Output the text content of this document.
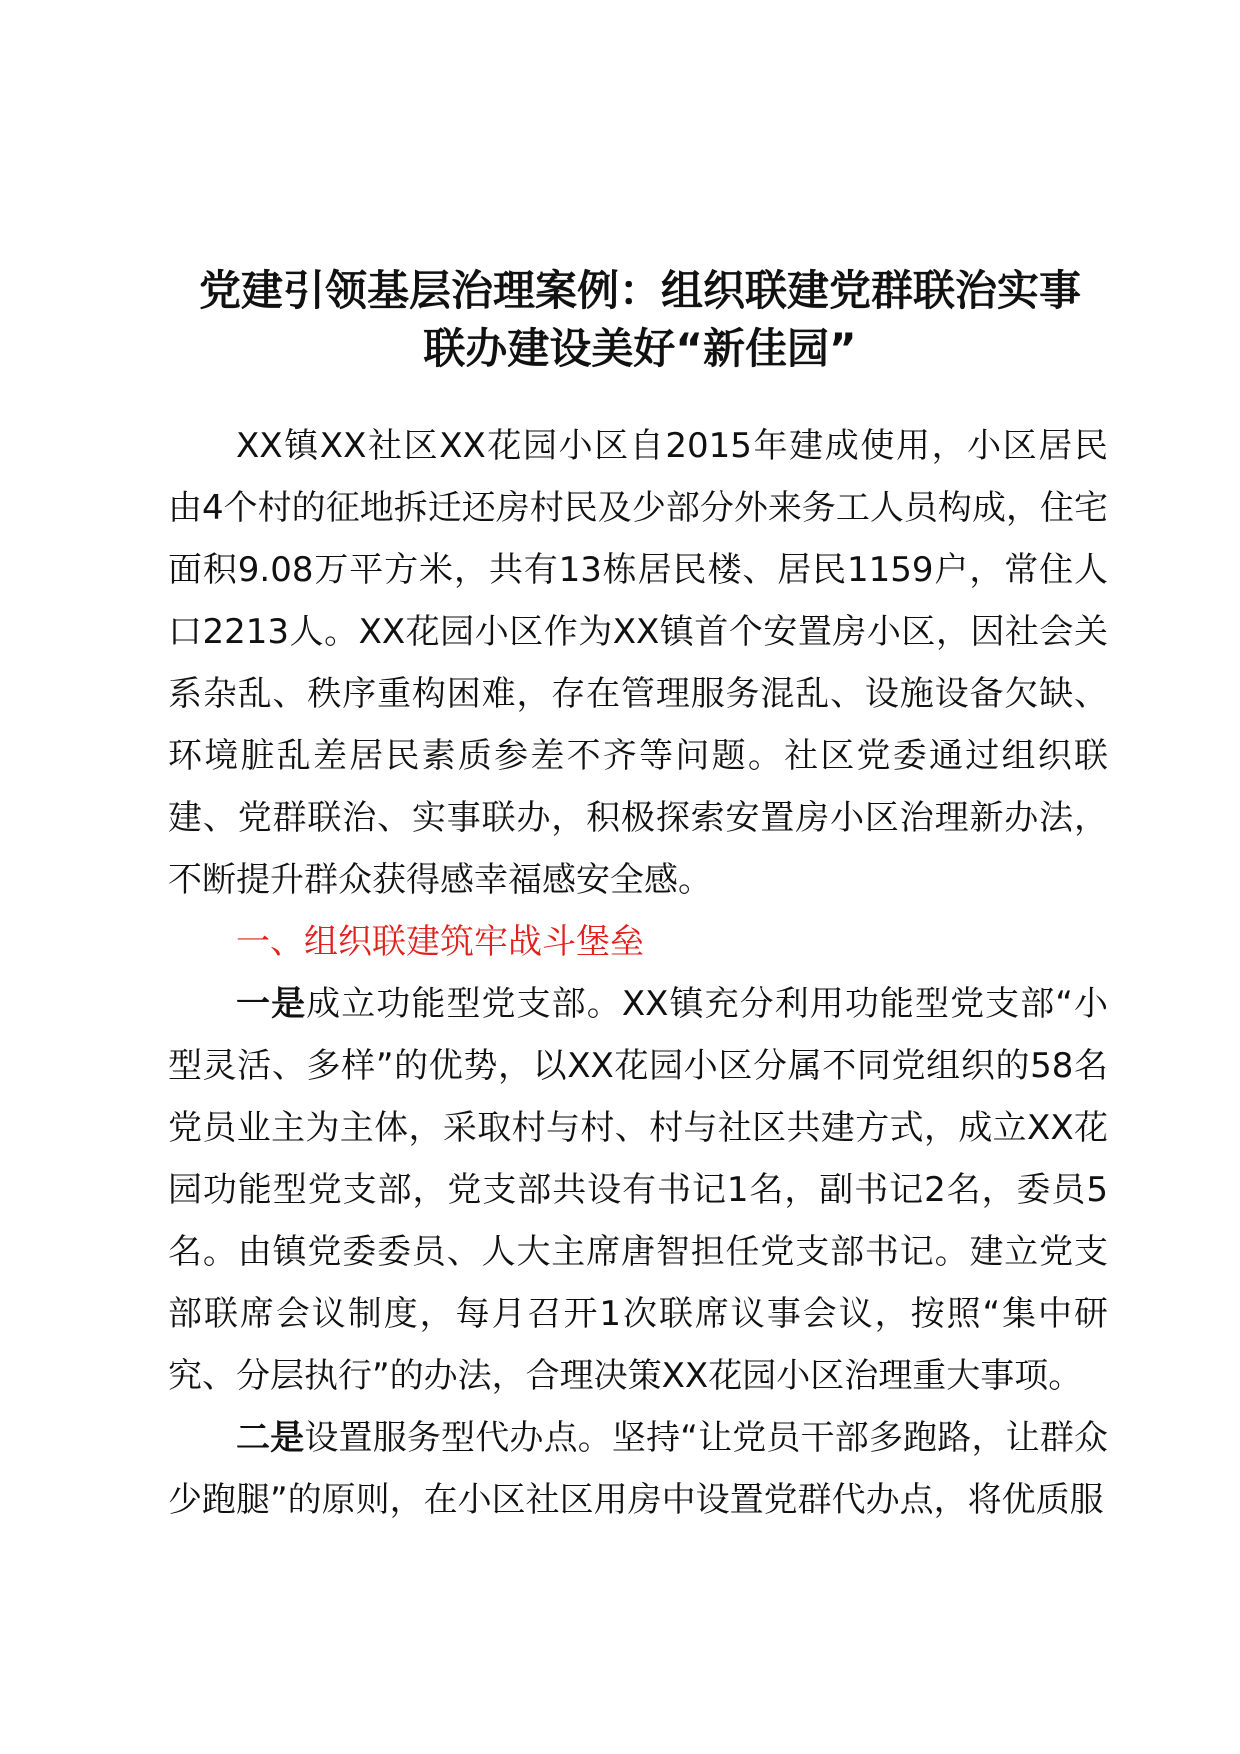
党建引领基层治理案例：组织联建党群联治实事
联办建设美好“新佳园”

XX镇XX社区XX花园小区自2015年建成使用，小区居民由4个村的征地拆迁还房村民及少部分外来务工人员构成，住宅面积9.08万平方米，共有13栋居民楼、居民1159户，常住人口2213人。XX花园小区作为XX镇首个安置房小区，因社会关系杂乱、秩序重构困难，存在管理服务混乱、设施设备欠缺、环境脏乱差居民素质参差不齐等问题。社区党委通过组织联建、党群联治、实事联办，积极探索安置房小区治理新办法，不断提升群众获得感幸福感安全感。

一、组织联建筑牢战斗堡垒

一是成立功能型党支部。XX镇充分利用功能型党支部“小型灵活、多样”的优势，以XX花园小区分属不同党组织的58名党员业主为主体，采取村与村、村与社区共建方式，成立XX花园功能型党支部，党支部共设有书记1名，副书记2名，委员5名。由镇党委委员、人大主席唐智担任党支部书记。建立党支部联席会议制度，每月召开1次联席议事会议，按照“集中研究、分层执行”的办法，合理决策XX花园小区治理重大事项。

二是设置服务型代办点。坚持“让党员干部多跑路，让群众少跑腿”的原则，在小区社区用房中设置党群代办点，将优质服
